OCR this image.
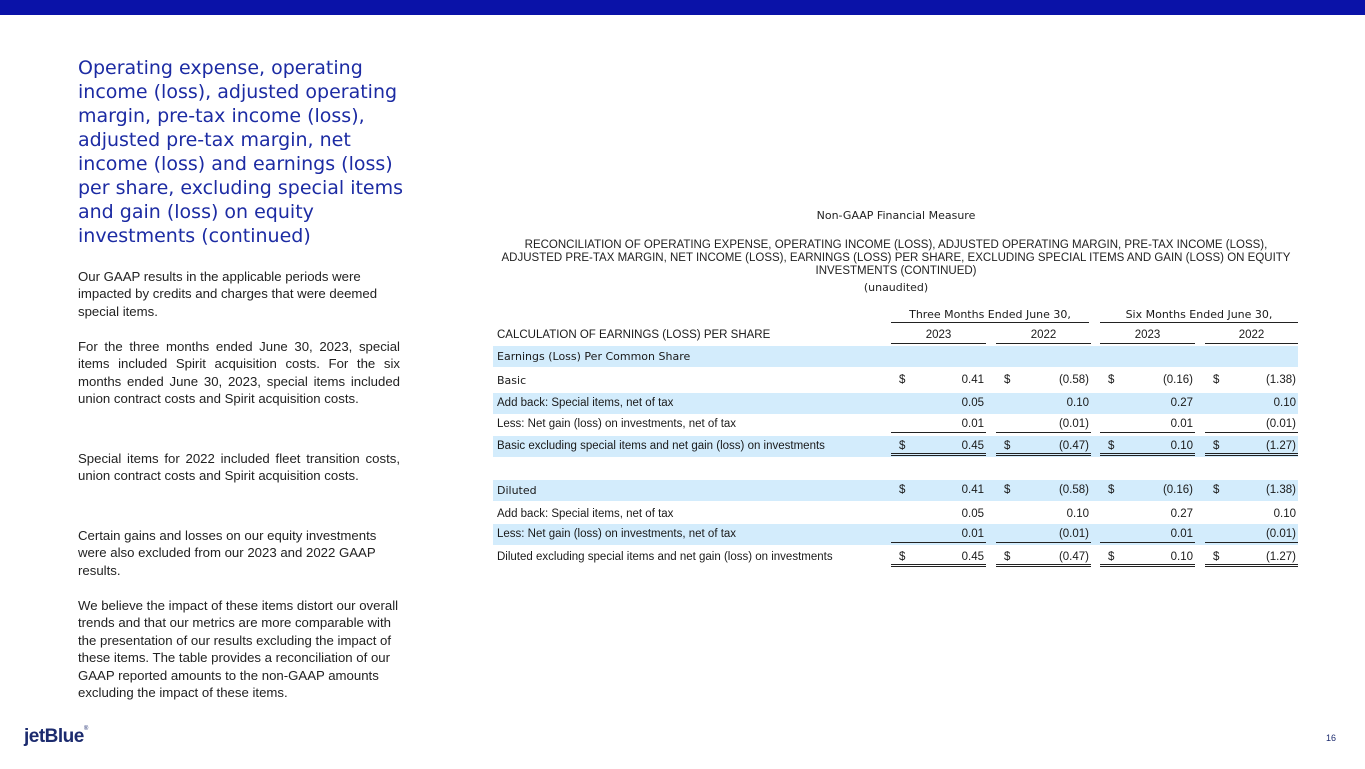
Operating expense, operating income (loss), adjusted operating margin, pre-tax income (loss), adjusted pre-tax margin, net income (loss) and earnings (loss) per share, excluding special items and gain (loss) on equity investments (continued)

Our GAAP results in the applicable periods were impacted by credits and charges that were deemed special items.

For the three months ended June 30, 2023, special items included Spirit acquisition costs. For the six months ended June 30, 2023, special items included union contract costs and Spirit acquisition costs.

Special items for 2022 included fleet transition costs, union contract costs and Spirit acquisition costs.

Certain gains and losses on our equity investments were also excluded from our 2023 and 2022 GAAP results.

We believe the impact of these items distort our overall trends and that our metrics are more comparable with the presentation of our results excluding the impact of these items. The table provides a reconciliation of our GAAP reported amounts to the non-GAAP amounts excluding the impact of these items.

Non-GAAP Financial Measure
RECONCILIATION OF OPERATING EXPENSE, OPERATING INCOME (LOSS), ADJUSTED OPERATING MARGIN, PRE-TAX INCOME (LOSS), ADJUSTED PRE-TAX MARGIN, NET INCOME (LOSS), EARNINGS (LOSS) PER SHARE, EXCLUDING SPECIAL ITEMS AND GAIN (LOSS) ON EQUITY INVESTMENTS (CONTINUED)
(unaudited)
Three Months Ended June 30,	Six Months Ended June 30,
CALCULATION OF EARNINGS (LOSS) PER SHARE	2023	2022	2023	2022
Earnings (Loss) Per Common Share
Basic	$	0.41 $	(0.58) $	(0.16) $	(1.38)
Add back: Special items, net of tax	0.05	0.10	0.27	0.10
Less: Net gain (loss) on investments, net of tax	0.01	(0.01)	0.01	(0.01)
Basic excluding special items and net gain (loss) on investments	$	0.45 $	(0.47) $	0.10 $	(1.27)
Diluted	$	0.41 $	(0.58) $	(0.16) $	(1.38)
Add back: Special items, net of tax	0.05	0.10	0.27	0.10
Less: Net gain (loss) on investments, net of tax	0.01	(0.01)	0.01	(0.01)
Diluted excluding special items and net gain (loss) on investments	$	0.45 $	(0.47) $	0.10 $	(1.27)
jetBlue®
16
